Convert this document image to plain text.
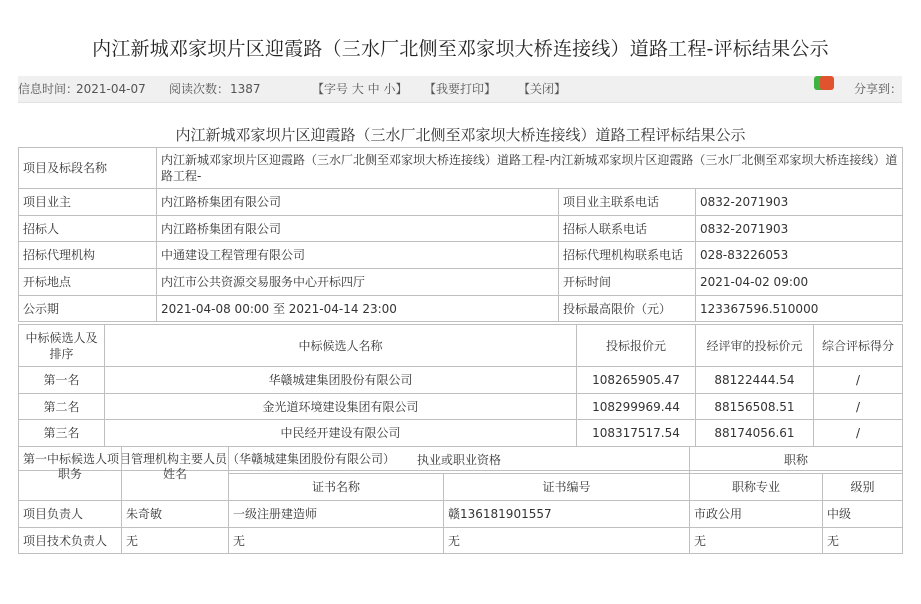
内江新城邓家坝片区迎霞路（三水厂北侧至邓家坝大桥连接线）道路工程-评标结果公示
信息时间：
2021-04-07 阅读次数： 1387	【字号 大 中 小】 【我要打印】 【关闭】	分享到：
内江新城邓家坝片区迎霞路（三水厂北侧至邓家坝大桥连接线）道路工程评标结果公示
项目及标段名称	内江新城邓家坝片区迎霞路（三水厂北侧至邓家坝大桥连接线）道路工程-内江新城邓家坝片区迎霞路（三水厂北侧至邓家坝大桥连接线）道路工程-		
项目业主	内江路桥集团有限公司	项目业主联系电话	0832-2071903
招标人	内江路桥集团有限公司	招标人联系电话	0832-2071903
招标代理机构	中通建设工程管理有限公司	招标代理机构联系电话	028-83226053
开标地点	内江市公共资源交易服务中心开标四厅	开标时间	2021-04-02 09:00
公示期	2021-04-08 00:00 至 2021-04-14 23:00	投标最高限价（元）	123367596.510000
中标候选人及排序	中标候选人名称	投标报价元	经评审的投标价元	综合评标得分
第一名	华赣城建集团股份有限公司	108265905.47	88122444.54	/
第二名	金光道环境建设集团有限公司	108299969.44	88156508.51	/
第三名	中民经开建设有限公司	108317517.54	88174056.61	/
第一中标候选人项目管理机构主要人员（华赣城建集团股份有限公司）				
职务	姓名	执业或职业资格		职称	
		证书名称	证书编号	职称专业	级别
项目负责人	朱奇敏	一级注册建造师	赣136181901557	市政公用	中级
项目技术负责人	无	无	无	无	无
